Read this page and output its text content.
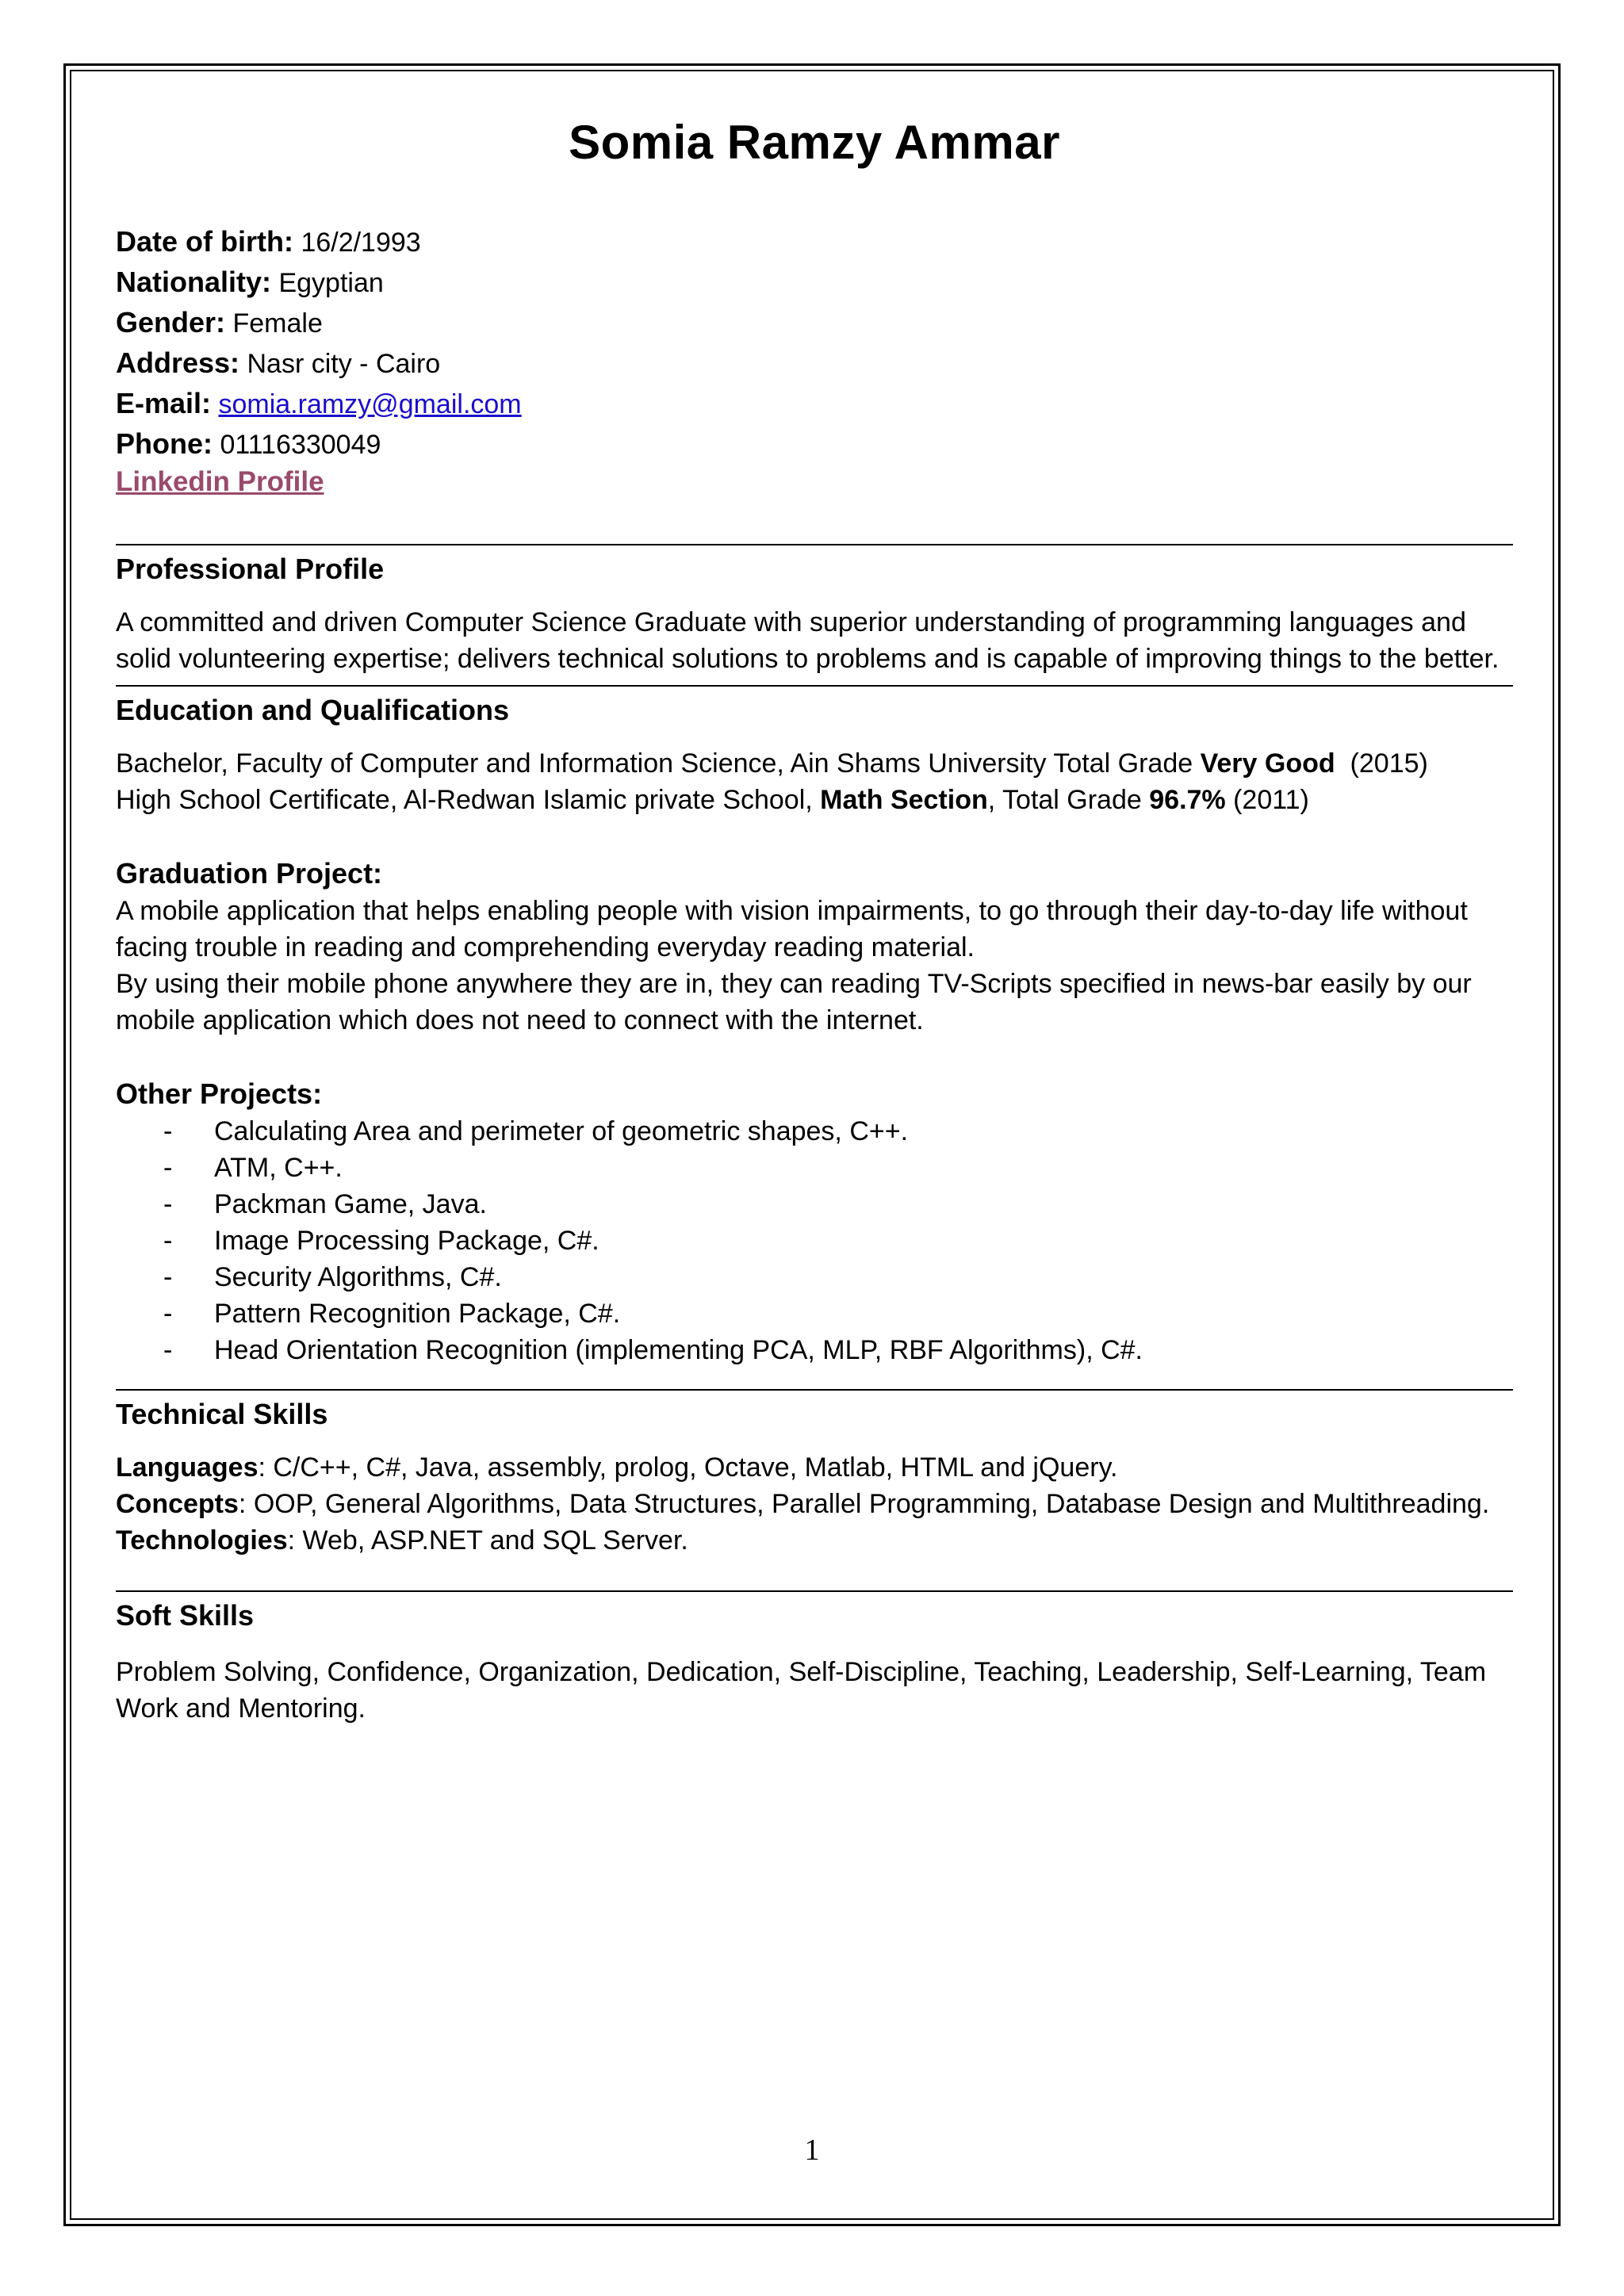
Somia Ramzy Ammar

Date of birth: 16/2/1993

Nationality: Egyptian

Gender: Female

Address: Nasr city - Cairo

E-mail: somia.ramzy@gmail.com

Phone: 01116330049

Linkedin Profile

Professional Profile

A committed and driven Computer Science Graduate with superior understanding of programming languages and solid volunteering expertise; delivers technical solutions to problems and is capable of improving things to the better.

Education and Qualifications

Bachelor, Faculty of Computer and Information Science, Ain Shams University Total Grade Very Good  (2015)

High School Certificate, Al-Redwan Islamic private School, Math Section, Total Grade 96.7% (2011)

Graduation Project:

A mobile application that helps enabling people with vision impairments, to go through their day-to-day life without facing trouble in reading and comprehending everyday reading material.

By using their mobile phone anywhere they are in, they can reading TV-Scripts specified in news-bar easily by our mobile application which does not need to connect with the internet.

Other Projects:
- Calculating Area and perimeter of geometric shapes, C++.
- ATM, C++.
- Packman Game, Java.
- Image Processing Package, C#.
- Security Algorithms, C#.
- Pattern Recognition Package, C#.
- Head Orientation Recognition (implementing PCA, MLP, RBF Algorithms), C#.
Technical Skills

Languages: C/C++, C#, Java, assembly, prolog, Octave, Matlab, HTML and jQuery.

Concepts: OOP, General Algorithms, Data Structures, Parallel Programming, Database Design and Multithreading.

Technologies: Web, ASP.NET and SQL Server.

Soft Skills

Problem Solving, Confidence, Organization, Dedication, Self-Discipline, Teaching, Leadership, Self-Learning, Team Work and Mentoring.

1
